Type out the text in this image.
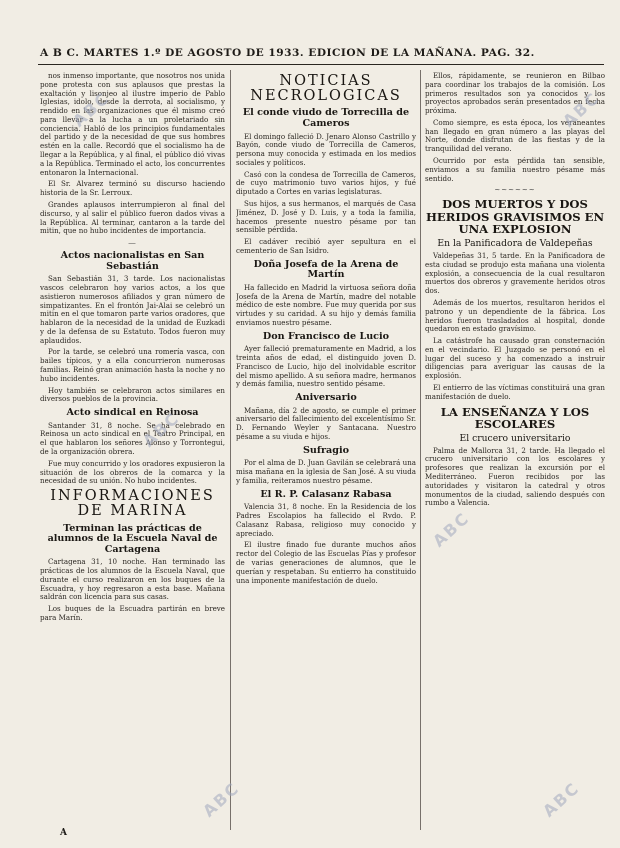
A B C. MARTES 1.º DE AGOSTO DE 1933. EDICION DE LA MAÑANA. PAG. 32.

nos inmenso importante, que nosotros nos unida pone protesta con sus aplausos que prestas la exaltación y lisonjeo al ilustre imperio de Pablo Iglesias, idolo, desde la derrota, al socialismo, y rendido en las organizaciones que él mismo creó para llevar a la lucha a un proletariado sin conciencia. Habló de los principios fundamentales del partido y de la necesidad de que sus hombres estén en la calle. Recordó que el socialismo ha de llegar a la República, y al final, el público dió vivas a la República. Terminado el acto, los concurrentes entonaron la Internacional.

El Sr. Alvarez terminó su discurso haciendo historia de la Sr. Lerroux.

Grandes aplausos interrumpieron al final del discurso, y al salir el público fueron dados vivas a la República. Al terminar, cantaron a la tarde del mitin, que no hubo incidentes de importancia.

―
Actos nacionalistas en San Sebastián

San Sebastián 31, 3 tarde. Los nacionalistas vascos celebraron hoy varios actos, a los que asistieron numerosos afiliados y gran número de simpatizantes. En el frontón Jai-Alai se celebró un mitin en el que tomaron parte varios oradores, que hablaron de la necesidad de la unidad de Euzkadi y de la defensa de su Estatuto. Todos fueron muy aplaudidos.

Por la tarde, se celebró una romería vasca, con bailes típicos, y a ella concurrieron numerosas familias. Reinó gran animación hasta la noche y no hubo incidentes.

Hoy también se celebraron actos similares en diversos pueblos de la provincia.

Acto sindical en Reinosa

Santander 31, 8 noche. Se ha celebrado en Reinosa un acto sindical en el Teatro Principal, en el que hablaron los señores Alonso y Torrontegui, de la organización obrera.

Fue muy concurrido y los oradores expusieron la situación de los obreros de la comarca y la necesidad de su unión. No hubo incidentes.

INFORMACIONES DE MARINA
Terminan las prácticas de alumnos de la Escuela Naval de Cartagena

Cartagena 31, 10 noche. Han terminado las prácticas de los alumnos de la Escuela Naval, que durante el curso realizaron en los buques de la Escuadra, y hoy regresaron a esta base. Mañana saldrán con licencia para sus casas.

Los buques de la Escuadra partirán en breve para Marín.

NOTICIAS NECROLOGICAS
El conde viudo de Torrecilla de Cameros

El domingo falleció D. Jenaro Alonso Castrillo y Bayón, conde viudo de Torrecilla de Cameros, persona muy conocida y estimada en los medios sociales y políticos.

Casó con la condesa de Torrecilla de Cameros, de cuyo matrimonio tuvo varios hijos, y fué diputado a Cortes en varias legislaturas.

Sus hijos, a sus hermanos, el marqués de Casa Jiménez, D. José y D. Luis, y a toda la familia, hacemos presente nuestro pésame por tan sensible pérdida.

El cadáver recibió ayer sepultura en el cementerio de San Isidro.

Doña Josefa de la Arena de Martín

Ha fallecido en Madrid la virtuosa señora doña Josefa de la Arena de Martín, madre del notable médico de este nombre. Fue muy querida por sus virtudes y su caridad. A su hijo y demás familia enviamos nuestro pésame.

Don Francisco de Lucio

Ayer falleció prematuramente en Madrid, a los treinta años de edad, el distinguido joven D. Francisco de Lucio, hijo del inolvidable escritor del mismo apellido. A su señora madre, hermanos y demás familia, nuestro sentido pésame.

Aniversario

Mañana, día 2 de agosto, se cumple el primer aniversario del fallecimiento del excelentísimo Sr. D. Fernando Weyler y Santacana. Nuestro pésame a su viuda e hijos.

Sufragio

Por el alma de D. Juan Gavilán se celebrará una misa mañana en la iglesia de San José. A su viuda y familia, reiteramos nuestro pésame.

El R. P. Calasanz Rabasa

Valencia 31, 8 noche. En la Residencia de los Padres Escolapios ha fallecido el Rvdo. P. Calasanz Rabasa, religioso muy conocido y apreciado.

El ilustre finado fue durante muchos años rector del Colegio de las Escuelas Pías y profesor de varias generaciones de alumnos, que le querían y respetaban. Su entierro ha constituido una imponente manifestación de duelo.

Ellos, rápidamente, se reunieron en Bilbao para coordinar los trabajos de la comisión. Los primeros resultados son ya conocidos y los proyectos aprobados serán presentados en fecha próxima.

Como siempre, es esta época, los veraneantes han llegado en gran número a las playas del Norte, donde disfrutan de las fiestas y de la tranquilidad del verano.

Ocurrido por esta pérdida tan sensible, enviamos a su familia nuestro pésame más sentido.

~~~~~~
DOS MUERTOS Y DOS HERIDOS GRAVISIMOS EN UNA EXPLOSION
En la Panificadora de Valdepeñas

Valdepeñas 31, 5 tarde. En la Panificadora de esta ciudad se produjo esta mañana una violenta explosión, a consecuencia de la cual resultaron muertos dos obreros y gravemente heridos otros dos.

Además de los muertos, resultaron heridos el patrono y un dependiente de la fábrica. Los heridos fueron trasladados al hospital, donde quedaron en estado gravísimo.

La catástrofe ha causado gran consternación en el vecindario. El Juzgado se personó en el lugar del suceso y ha comenzado a instruir diligencias para averiguar las causas de la explosión.

El entierro de las víctimas constituirá una gran manifestación de duelo.

LA ENSEÑANZA Y LOS ESCOLARES
El crucero universitario

Palma de Mallorca 31, 2 tarde. Ha llegado el crucero universitario con los escolares y profesores que realizan la excursión por el Mediterráneo. Fueron recibidos por las autoridades y visitaron la catedral y otros monumentos de la ciudad, saliendo después con rumbo a Valencia.

ABC	ABC
ABC
ABC
ABC	ABC
A
